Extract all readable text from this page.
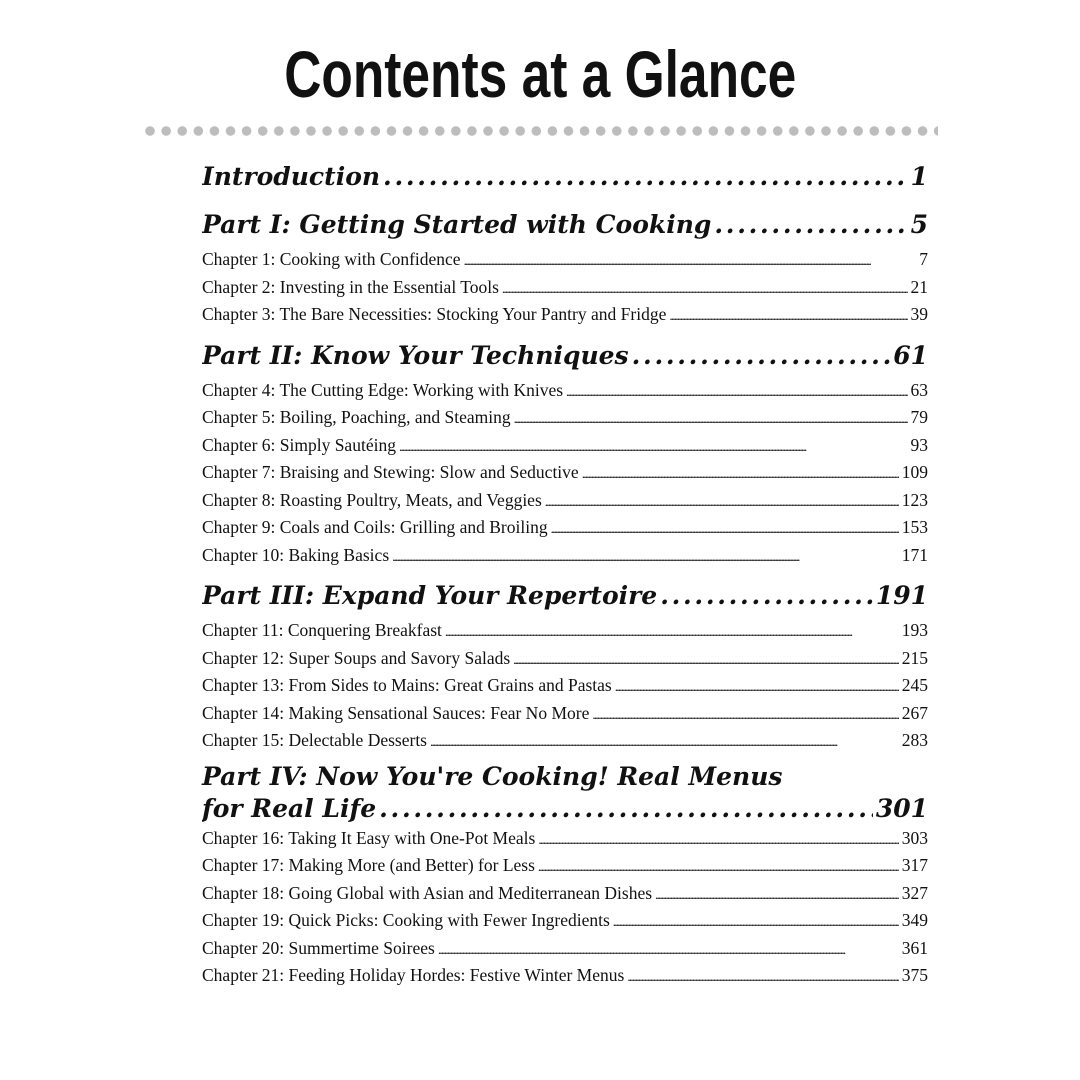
Contents at a Glance
Introduction . . .	1
Part I: Getting Started with Cooking . . .	5
Chapter 1: Cooking with Confidence . . .	7
Chapter 2: Investing in the Essential Tools . . .	21
Chapter 3: The Bare Necessities: Stocking Your Pantry and Fridge . . .	39
Part II: Know Your Techniques . . .	61
Chapter 4: The Cutting Edge: Working with Knives . . .	63
Chapter 5: Boiling, Poaching, and Steaming . . .	79
Chapter 6: Simply Sautéing . . .	93
Chapter 7: Braising and Stewing: Slow and Seductive . . .	109
Chapter 8: Roasting Poultry, Meats, and Veggies . . .	123
Chapter 9: Coals and Coils: Grilling and Broiling . . .	153
Chapter 10: Baking Basics . . .	171
Part III: Expand Your Repertoire . . .	191
Chapter 11: Conquering Breakfast . . .	193
Chapter 12: Super Soups and Savory Salads . . .	215
Chapter 13: From Sides to Mains: Great Grains and Pastas . . .	245
Chapter 14: Making Sensational Sauces: Fear No More . . .	267
Chapter 15: Delectable Desserts . . .	283
Part IV: Now You're Cooking! Real Menus
for Real Life . . .	301
Chapter 16: Taking It Easy with One-Pot Meals . . .	303
Chapter 17: Making More (and Better) for Less . . .	317
Chapter 18: Going Global with Asian and Mediterranean Dishes . . .	327
Chapter 19: Quick Picks: Cooking with Fewer Ingredients . . .	349
Chapter 20: Summertime Soirees . . .	361
Chapter 21: Feeding Holiday Hordes: Festive Winter Menus . . .	375
